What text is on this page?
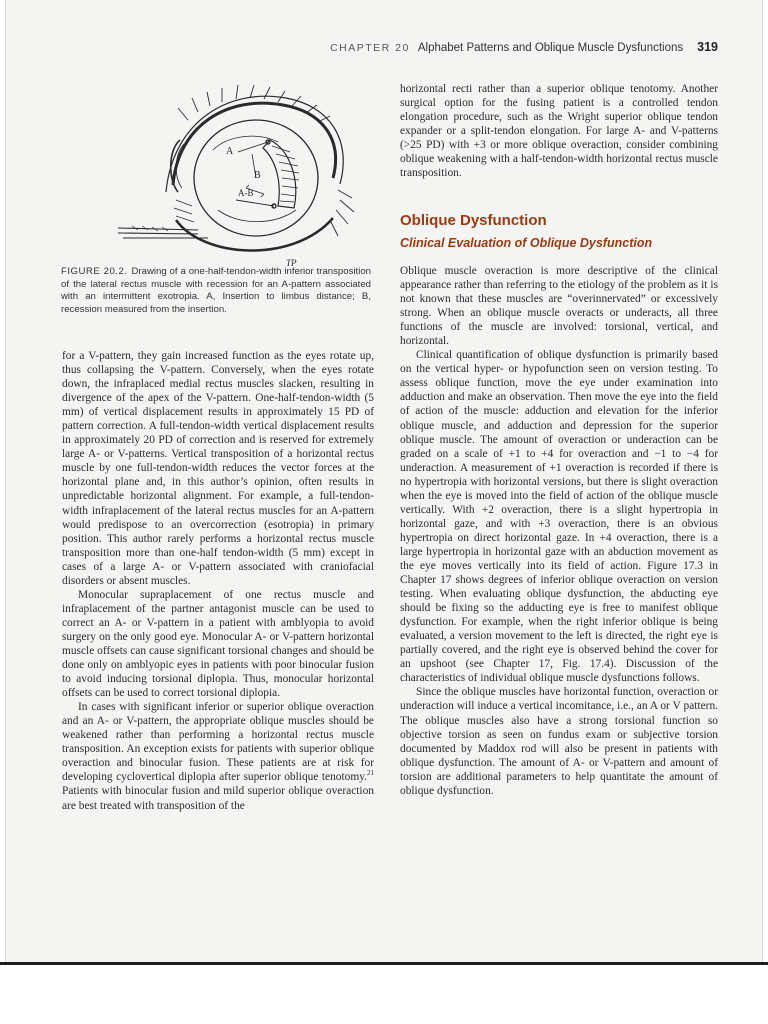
CHAPTER 20 Alphabet Patterns and Oblique Muscle Dysfunctions 319
A
B
A-B
TP
FIGURE 20.2. Drawing of a one-half-tendon-width inferior transposition of the lateral rectus muscle with recession for an A-pattern associated with an intermittent exotropia. A, Insertion to limbus distance; B, recession measured from the insertion.

for a V-pattern, they gain increased function as the eyes rotate up, thus collapsing the V-pattern. Conversely, when the eyes rotate down, the infraplaced medial rectus muscles slacken, resulting in divergence of the apex of the V-pattern. One-half-tendon-width (5 mm) of vertical displacement results in approximately 15 PD of pattern correction. A full-tendon-width vertical displacement results in approximately 20 PD of correction and is reserved for extremely large A- or V-patterns. Vertical transposition of a horizontal rectus muscle by one full-tendon-width reduces the vector forces at the horizontal plane and, in this author’s opinion, often results in unpredictable horizontal alignment. For example, a full-tendon-width infraplacement of the lateral rectus muscles for an A-pattern would predispose to an overcorrection (esotropia) in primary position. This author rarely performs a horizontal rectus muscle transposition more than one-half tendon-width (5 mm) except in cases of a large A- or V-pattern associated with craniofacial disorders or absent muscles.

Monocular supraplacement of one rectus muscle and infraplacement of the partner antagonist muscle can be used to correct an A- or V-pattern in a patient with amblyopia to avoid surgery on the only good eye. Monocular A- or V-pattern horizontal muscle offsets can cause significant torsional changes and should be done only on amblyopic eyes in patients with poor binocular fusion to avoid inducing torsional diplopia. Thus, monocular horizontal offsets can be used to correct torsional diplopia.

In cases with significant inferior or superior oblique overaction and an A- or V-pattern, the appropriate oblique muscles should be weakened rather than performing a horizontal rectus muscle transposition. An exception exists for patients with superior oblique overaction and binocular fusion. These patients are at risk for developing cyclovertical diplopia after superior oblique tenotomy.$^{21}$ Patients with binocular fusion and mild superior oblique overaction are best treated with transposition of the

horizontal recti rather than a superior oblique tenotomy. Another surgical option for the fusing patient is a controlled tendon elongation procedure, such as the Wright superior oblique tendon expander or a split-tendon elongation. For large A- and V-patterns (>25 PD) with +3 or more oblique overaction, consider combining oblique weakening with a half-tendon-width horizontal rectus muscle transposition.

Oblique Dysfunction
Clinical Evaluation of Oblique Dysfunction

Oblique muscle overaction is more descriptive of the clinical appearance rather than referring to the etiology of the problem as it is not known that these muscles are “overinnervated” or excessively strong. When an oblique muscle overacts or underacts, all three functions of the muscle are involved: torsional, vertical, and horizontal.

Clinical quantification of oblique dysfunction is primarily based on the vertical hyper- or hypofunction seen on version testing. To assess oblique function, move the eye under examination into adduction and make an observation. Then move the eye into the field of action of the muscle: adduction and elevation for the inferior oblique muscle, and adduction and depression for the superior oblique muscle. The amount of overaction or underaction can be graded on a scale of +1 to +4 for overaction and −1 to −4 for underaction. A measurement of +1 overaction is recorded if there is no hypertropia with horizontal versions, but there is slight overaction when the eye is moved into the field of action of the oblique muscle vertically. With +2 overaction, there is a slight hypertropia in horizontal gaze, and with +3 overaction, there is an obvious hypertropia on direct horizontal gaze. In +4 overaction, there is a large hypertropia in horizontal gaze with an abduction movement as the eye moves vertically into its field of action. Figure 17.3 in Chapter 17 shows degrees of inferior oblique overaction on version testing. When evaluating oblique dysfunction, the abducting eye should be fixing so the adducting eye is free to manifest oblique dysfunction. For example, when the right inferior oblique is being evaluated, a version movement to the left is directed, the right eye is partially covered, and the right eye is observed behind the cover for an upshoot (see Chapter 17, Fig. 17.4). Discussion of the characteristics of individual oblique muscle dysfunctions follows.

Since the oblique muscles have horizontal function, overaction or underaction will induce a vertical incomitance, i.e., an A or V pattern. The oblique muscles also have a strong torsional function so objective torsion as seen on fundus exam or subjective torsion documented by Maddox rod will also be present in patients with oblique dysfunction. The amount of A- or V-pattern and amount of torsion are additional parameters to help quantitate the amount of oblique dysfunction.
